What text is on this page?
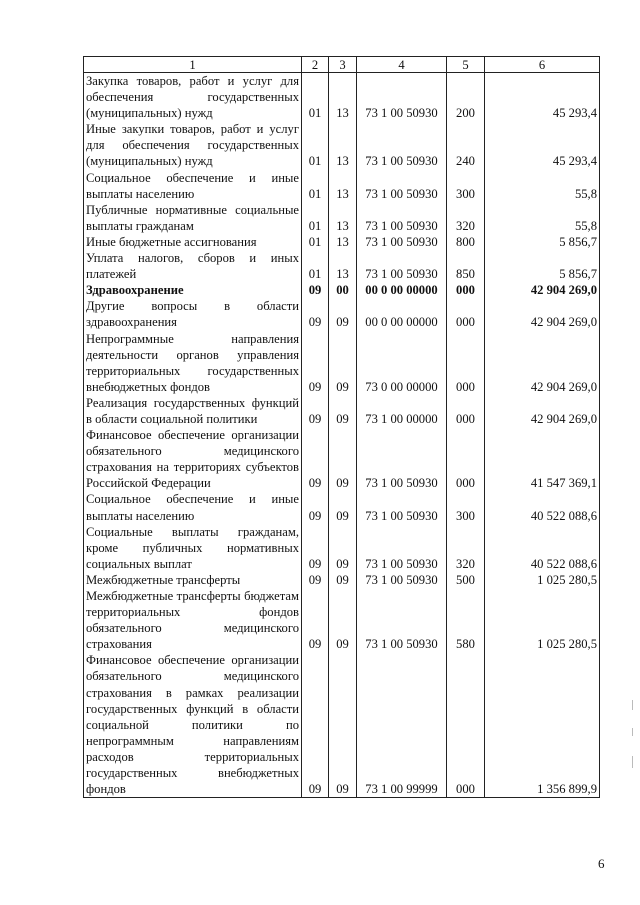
1	2	3	4	5	6
Закупка товаров, работ и услуг для обеспечения государственных (муниципальных) нужд	01	13	73 1 00 50930	200	45 293,4
Иные закупки товаров, работ и услуг для обеспечения государственных (муниципальных) нужд	01	13	73 1 00 50930	240	45 293,4
Социальное обеспечение и иные выплаты населению	01	13	73 1 00 50930	300	55,8
Публичные нормативные социальные выплаты гражданам	01	13	73 1 00 50930	320	55,8
Иные бюджетные ассигнования	01	13	73 1 00 50930	800	5 856,7
Уплата налогов, сборов и иных платежей	01	13	73 1 00 50930	850	5 856,7
Здравоохранение	09	00	00 0 00 00000	000	42 904 269,0
Другие вопросы в области здравоохранения	09	09	00 0 00 00000	000	42 904 269,0
Непрограммные направления деятельности органов управления территориальных государственных внебюджетных фондов	09	09	73 0 00 00000	000	42 904 269,0
Реализация государственных функций в области социальной политики	09	09	73 1 00 00000	000	42 904 269,0
Финансовое обеспечение организации обязательного медицинского страхования на территориях субъектов Российской Федерации	09	09	73 1 00 50930	000	41 547 369,1
Социальное обеспечение и иные выплаты населению	09	09	73 1 00 50930	300	40 522 088,6
Социальные выплаты гражданам, кроме публичных нормативных социальных выплат	09	09	73 1 00 50930	320	40 522 088,6
Межбюджетные трансферты	09	09	73 1 00 50930	500	1 025 280,5
Межбюджетные трансферты бюджетам территориальных фондов обязательного медицинского страхования	09	09	73 1 00 50930	580	1 025 280,5
Финансовое обеспечение организации обязательного медицинского страхования в рамках реализации государственных функций в области социальной политики по непрограммным направлениям расходов территориальных государственных внебюджетных фондов	09	09	73 1 00 99999	000	1 356 899,9
6
